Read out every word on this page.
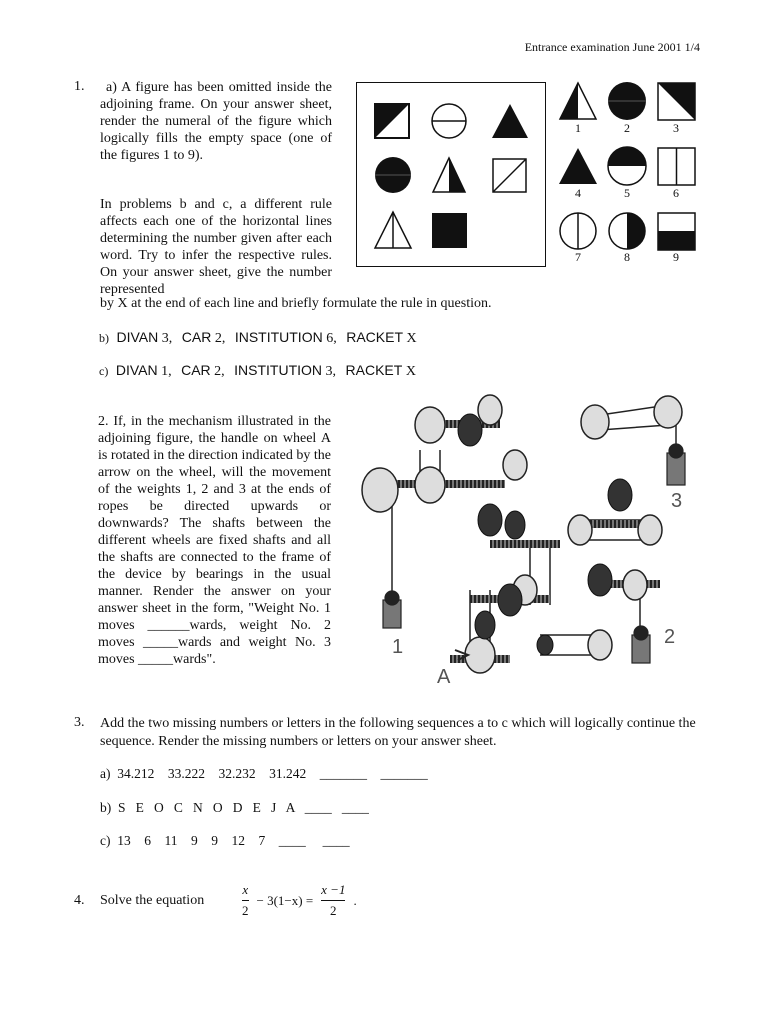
Entrance examination June 2001 1/4
1.	a) A figure has been omitted inside the adjoining frame. On your answer sheet, render the numeral of the figure which logically fills the empty space (one of the figures 1 to 9).
In problems b and c, a different rule affects each one of the horizontal lines determining the number given after each word. Try to infer the respective rules. On your answer sheet, give the number represented
by X at the end of each line and briefly formulate the rule in question.
1	2	3
4	5	6
7	8	9
b) DIVAN 3, CAR 2, INSTITUTION 6, RACKET X
c) DIVAN 1, CAR 2, INSTITUTION 3, RACKET X
2. If, in the mechanism illustrated in the adjoining figure, the handle on wheel A is rotated in the direction indicated by the arrow on the wheel, will the movement of the weights 1, 2 and 3 at the ends of ropes be directed upwards or downwards? The shafts between the different wheels are fixed shafts and all the shafts are connected to the frame of the device by bearings in the usual manner. Render the answer on your answer sheet in the form, "Weight No. 1 moves ______wards, weight No. 2 moves _____wards and weight No. 3 moves _____wards".
1	2
3
A
3. Add the two missing numbers or letters in the following sequences a to c which will logically continue the sequence. Render the missing numbers or letters on your answer sheet.
a)  34.212    33.222    32.232    31.242    _______    _______
b)  S   E   O   C   N   O   D   E   J   A   ____   ____
c)  13    6    11    9    9    12    7    ____     ____
4. Solve the equation	$\frac{x}{2} - 3(1-x) = \frac{x -1}{2}$ .
